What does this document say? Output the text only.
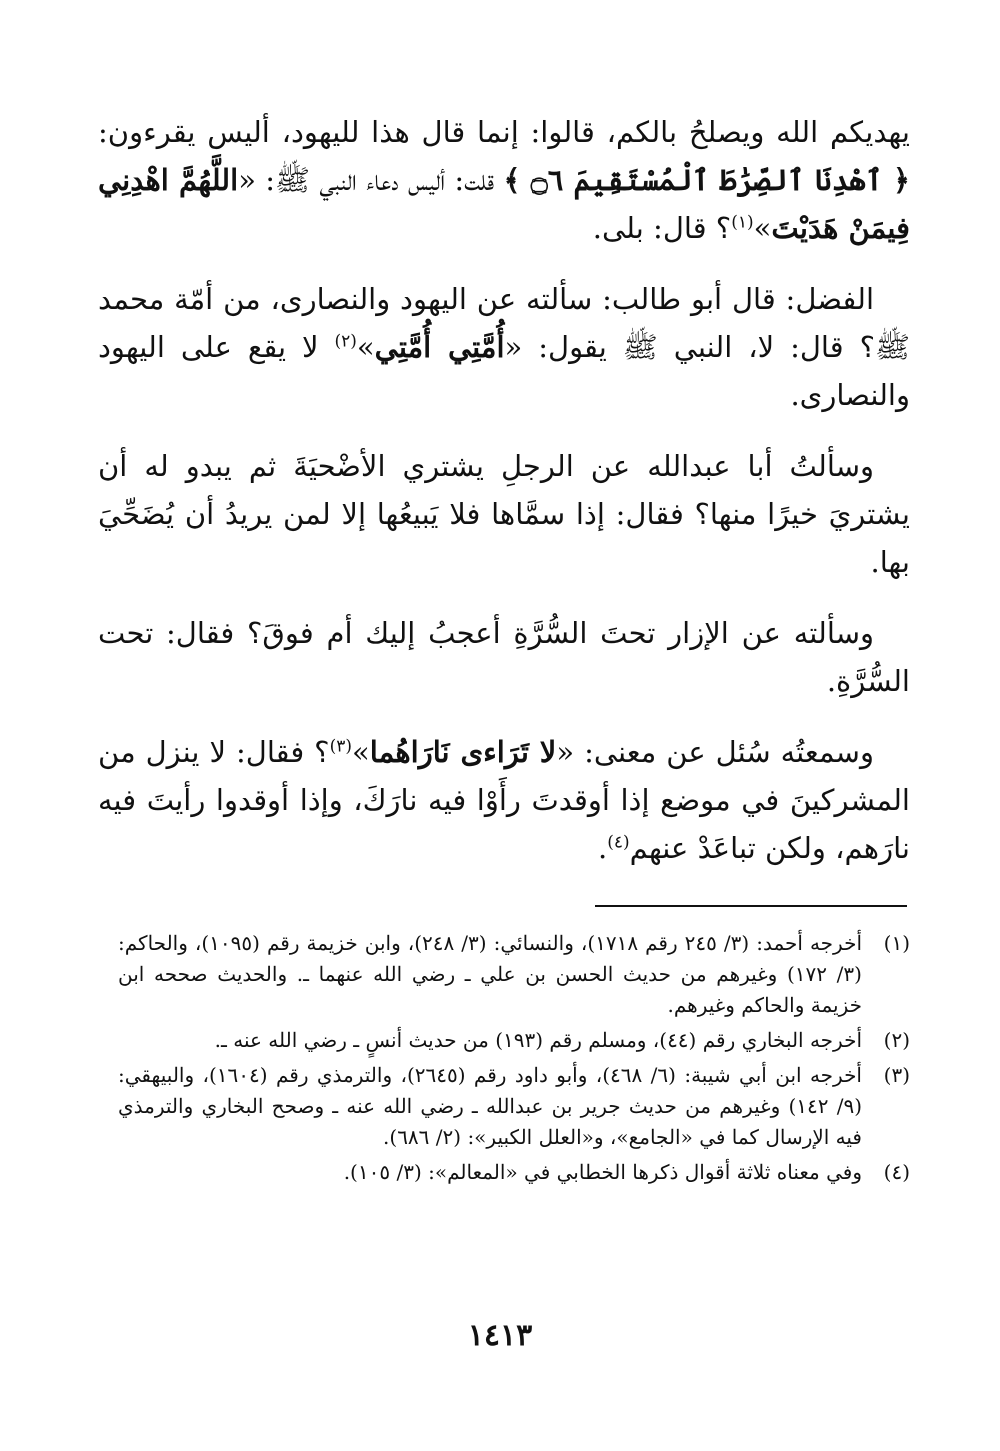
يهديكم الله ويصلحُ بالكم، قالوا: إنما قال هذا لليهود، أليس يقرءون: ﴿ ٱهْدِنَا ٱلصِّرَٰطَ ٱلْمُسْتَقِيمَ ۝٦ ﴾ قلت: أليس دعاء النبي ﷺ: «اللَّهُمَّ اهْدِنِي فِيمَنْ هَدَيْتَ»$^{(١)}$؟ قال: بلى.

الفضل: قال أبو طالب: سألته عن اليهود والنصارى، من أمّة محمد ﷺ؟ قال: لا، النبي ﷺ يقول: «أُمَّتِي أُمَّتِي»$^{(٢)}$ لا يقع على اليهود والنصارى.

وسألتُ أبا عبدالله عن الرجلِ يشتري الأضْحيَةَ ثم يبدو له أن يشتريَ خيرًا منها؟ فقال: إذا سمَّاها فلا يَبيعُها إلا لمن يريدُ أن يُضَحِّيَ بها.

وسألته عن الإزار تحتَ السُّرَّةِ أعجبُ إليك أم فوقَ؟ فقال: تحت السُّرَّةِ.

وسمعتُه سُئل عن معنى: «لا تَرَاءى نَارَاهُما»$^{(٣)}$؟ فقال: لا ينزل من المشركينَ في موضع إذا أوقدتَ رأَوْا فيه نارَكَ، وإذا أوقدوا رأيتَ فيه نارَهم، ولكن تباعَدْ عنهم$^{(٤)}$.

(١)
أخرجه أحمد: (٣/ ٢٤٥ رقم ١٧١٨)، والنسائي: (٣/ ٢٤٨)، وابن خزيمة رقم (١٠٩٥)، والحاكم: (٣/ ١٧٢) وغيرهم من حديث الحسن بن علي ـ رضي الله عنهما ـ. والحديث صححه ابن خزيمة والحاكم وغيرهم.
(٢)
أخرجه البخاري رقم (٤٤)، ومسلم رقم (١٩٣) من حديث أنسٍ ـ رضي الله عنه ـ.
(٣)
أخرجه ابن أبي شيبة: (٦/ ٤٦٨)، وأبو داود رقم (٢٦٤٥)، والترمذي رقم (١٦٠٤)، والبيهقي: (٩/ ١٤٢) وغيرهم من حديث جرير بن عبدالله ـ رضي الله عنه ـ وصحح البخاري والترمذي فيه الإرسال كما في «الجامع»، و«العلل الكبير»: (٢/ ٦٨٦).
(٤)
وفي معناه ثلاثة أقوال ذكرها الخطابي في «المعالم»: (٣/ ١٠٥).
١٤١٣
